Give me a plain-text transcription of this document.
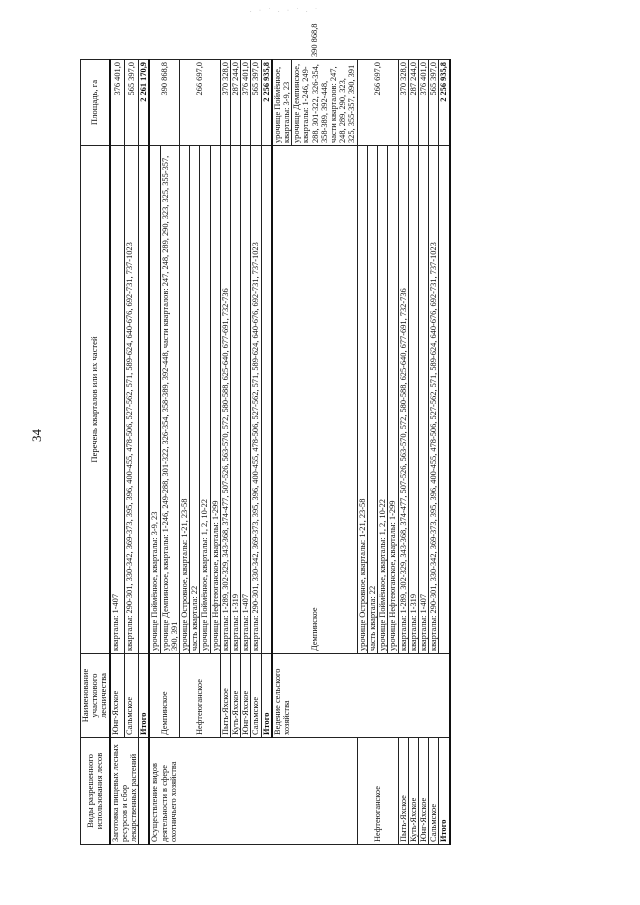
. · ˙ . · ˙ . ˙
34
Виды разрешенного использования лесов	Наименование участкового лесничества	Перечень кварталов или их частей	Площадь, га	
Заготовка пищевых лесных ресурсов и сбор лекарственных растений	Юнг-Яхское	кварталы: 1-407	376 401,0	
	Сальмское	кварталы: 290-301, 330-342, 369-373, 395, 396, 400-455, 478-506, 527-562, 571, 589-624, 640-676, 692-731, 737-1023	565 397,0	
	Итого		2 261 170,9	
Осуществление видов деятельности в сфере охотничьего хозяйства	Демпинское	урочище Поймённое, кварталы: 3-9, 23	390 868,8	
		урочище Демпинское, кварталы: 1-246, 249-288, 301-322, 326-354, 358-389, 392-448, части кварталов: 247, 248, 289, 290, 323, 325, 355-357, 390, 391		
	Нефтеюганское	урочище Островное, кварталы: 1-21, 23-58	266 697,0	
		часть квартала: 22		
		урочище Поймённое, кварталы: 1, 2, 10-22		
		урочище Нефтеюганское, кварталы: 1-299		
	Пыть-Яхское	кварталы: 1-289, 302-329, 343-368, 374-477, 507-526, 563-570, 572, 580-588, 625-640, 677-691, 732-736	370 328,0	
	Куть-Яхское	кварталы: 1-319	287 244,0	
	Юнг-Яхское	кварталы: 1-407	376 401,0	
	Сальмское	кварталы: 290-301, 330-342, 369-373, 395, 396, 400-455, 478-506, 527-562, 571, 589-624, 640-676, 692-731, 737-1023	565 397,0	
	Итого		2 256 935,8	
	Ведение сельского хозяйства	Демпинское	урочище Поймённое, кварталы: 3-9, 23	390 868,8
			урочище Демпинское, кварталы: 1-246, 249-288, 301-322, 326-354, 358-389, 392-448, части кварталов: 247, 248, 289, 290, 323, 325, 355-357, 390, 391	
Нефтеюганское		урочище Островное, кварталы: 1-21, 23-58	266 697,0	
		часть квартала: 22		
		урочище Поймённое, кварталы: 1, 2, 10-22		
		урочище Нефтеюганское, кварталы: 1-299		
Пыть-Яхское		кварталы: 1-289, 302-329, 343-368, 374-477, 507-526, 563-570, 572, 580-588, 625-640, 677-691, 732-736	370 328,0	
Куть-Яхское		кварталы: 1-319	287 244,0	
Юнг-Яхское		кварталы: 1-407	376 401,0	
Сальмское		кварталы: 290-301, 330-342, 369-373, 395, 396, 400-455, 478-506, 527-562, 571, 589-624, 640-676, 692-731, 737-1023	565 397,0	
Итого			2 256 935,8	
